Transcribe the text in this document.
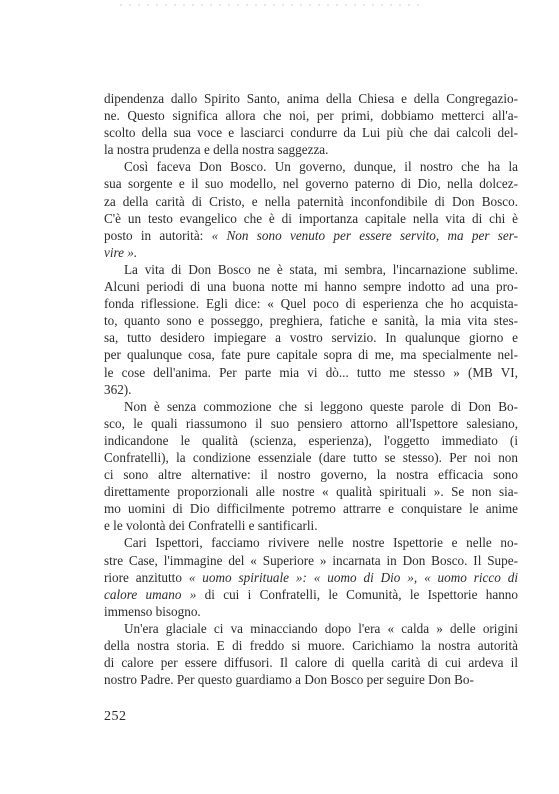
dipendenza dallo Spirito Santo, anima della Chiesa e della Congregazio-
ne. Questo significa allora che noi, per primi, dobbiamo metterci all'a-
scolto della sua voce e lasciarci condurre da Lui più che dai calcoli del-
la nostra prudenza e della nostra saggezza.
Così faceva Don Bosco. Un governo, dunque, il nostro che ha la
sua sorgente e il suo modello, nel governo paterno di Dio, nella dolcez-
za della carità di Cristo, e nella paternità inconfondibile di Don Bosco.
C'è un testo evangelico che è di importanza capitale nella vita di chi è
posto in autorità: « Non sono venuto per essere servito, ma per ser-
vire ».
La vita di Don Bosco ne è stata, mi sembra, l'incarnazione sublime.
Alcuni periodi di una buona notte mi hanno sempre indotto ad una pro-
fonda riflessione. Egli dice: « Quel poco di esperienza che ho acquista-
to, quanto sono e posseggo, preghiera, fatiche e sanità, la mia vita stes-
sa, tutto desidero impiegare a vostro servizio. In qualunque giorno e
per qualunque cosa, fate pure capitale sopra di me, ma specialmente nel-
le cose dell'anima. Per parte mia vi dò... tutto me stesso » (MB VI,
362).
Non è senza commozione che si leggono queste parole di Don Bo-
sco, le quali riassumono il suo pensiero attorno all'Ispettore salesiano,
indicandone le qualità (scienza, esperienza), l'oggetto immediato (i
Confratelli), la condizione essenziale (dare tutto se stesso). Per noi non
ci sono altre alternative: il nostro governo, la nostra efficacia sono
direttamente proporzionali alle nostre « qualità spirituali ». Se non sia-
mo uomini di Dio difficilmente potremo attrarre e conquistare le anime
e le volontà dei Confratelli e santificarli.
Cari Ispettori, facciamo rivivere nelle nostre Ispettorie e nelle no-
stre Case, l'immagine del « Superiore » incarnata in Don Bosco. Il Supe-
riore anzitutto « uomo spirituale »: « uomo di Dio », « uomo ricco di
calore umano » di cui i Confratelli, le Comunità, le Ispettorie hanno
immenso bisogno.
Un'era glaciale ci va minacciando dopo l'era « calda » delle origini
della nostra storia. E di freddo si muore. Carichiamo la nostra autorità
di calore per essere diffusori. Il calore di quella carità di cui ardeva il
nostro Padre. Per questo guardiamo a Don Bosco per seguire Don Bo-
252
